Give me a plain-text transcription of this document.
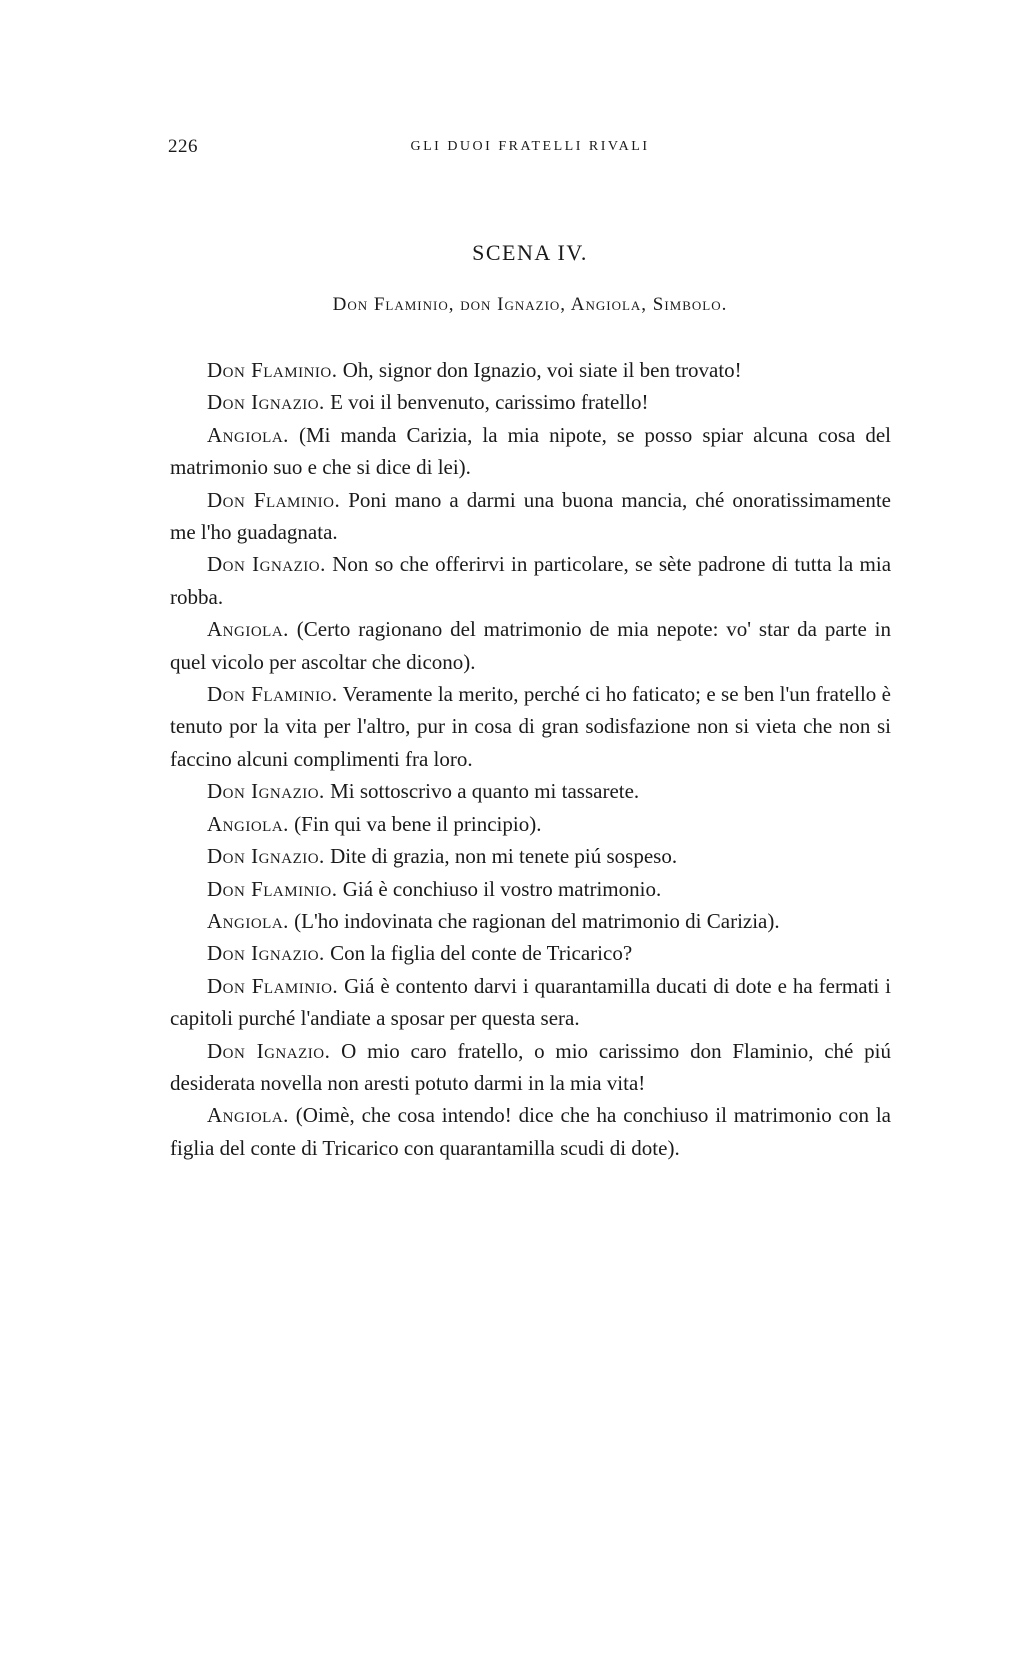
226	GLI DUOI FRATELLI RIVALI
SCENA IV.
Don Flaminio, don Ignazio, Angiola, Simbolo.

Don Flaminio. Oh, signor don Ignazio, voi siate il ben trovato!

Don Ignazio. E voi il benvenuto, carissimo fratello!

Angiola. (Mi manda Carizia, la mia nipote, se posso spiar alcuna cosa del matrimonio suo e che si dice di lei).

Don Flaminio. Poni mano a darmi una buona mancia, ché onoratissimamente me l'ho guadagnata.

Don Ignazio. Non so che offerirvi in particolare, se sète padrone di tutta la mia robba.

Angiola. (Certo ragionano del matrimonio de mia nepote: vo' star da parte in quel vicolo per ascoltar che dicono).

Don Flaminio. Veramente la merito, perché ci ho faticato; e se ben l'un fratello è tenuto por la vita per l'altro, pur in cosa di gran sodisfazione non si vieta che non si faccino alcuni complimenti fra loro.

Don Ignazio. Mi sottoscrivo a quanto mi tassarete.

Angiola. (Fin qui va bene il principio).

Don Ignazio. Dite di grazia, non mi tenete piú sospeso.

Don Flaminio. Giá è conchiuso il vostro matrimonio.

Angiola. (L'ho indovinata che ragionan del matrimonio di Carizia).

Don Ignazio. Con la figlia del conte de Tricarico?

Don Flaminio. Giá è contento darvi i quarantamilla ducati di dote e ha fermati i capitoli purché l'andiate a sposar per questa sera.

Don Ignazio. O mio caro fratello, o mio carissimo don Flaminio, ché piú desiderata novella non aresti potuto darmi in la mia vita!

Angiola. (Oimè, che cosa intendo! dice che ha conchiuso il matrimonio con la figlia del conte di Tricarico con quarantamilla scudi di dote).
